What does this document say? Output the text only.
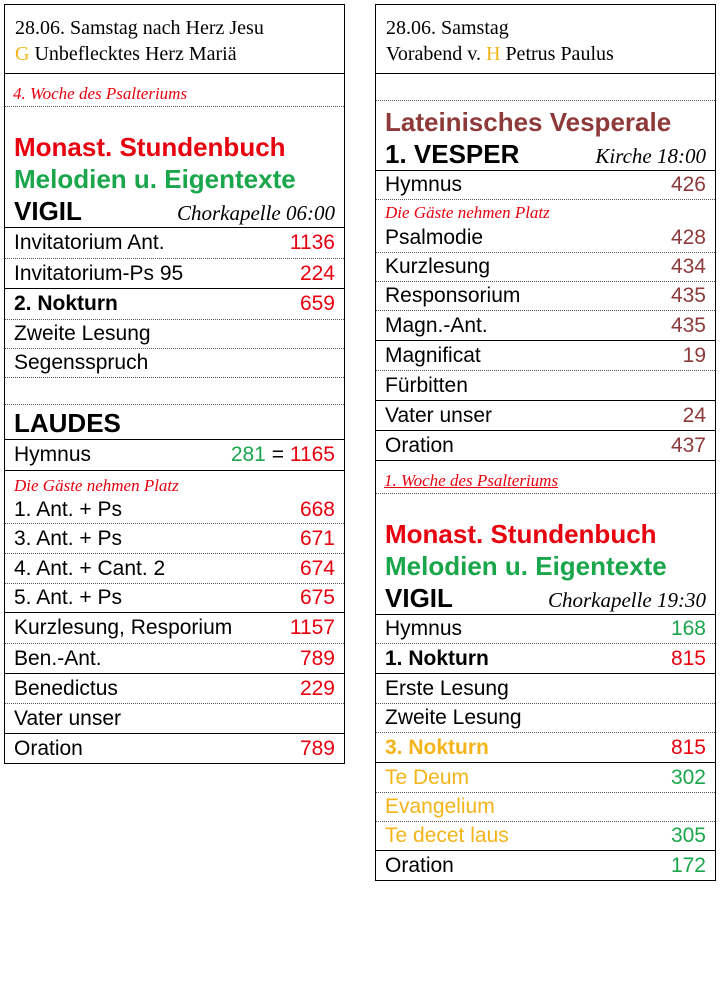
28.06. Samstag nach Herz Jesu
G Unbeflecktes Herz Mariä
4. Woche des Psalteriums
Monast. Stundenbuch
Melodien u. Eigentexte
VIGIL	Chorkapelle 06:00
Invitatorium Ant.	1136
Invitatorium-Ps 95	224
2. Nokturn	659
Zweite Lesung
Segensspruch
LAUDES
Hymnus	281 = 1165
Die Gäste nehmen Platz
1. Ant. + Ps	668
3. Ant. + Ps	671
4. Ant. + Cant. 2	674
5. Ant. + Ps	675
Kurzlesung, Resporium	1157
Ben.-Ant.	789
Benedictus	229
Vater unser
Oration	789
28.06. Samstag
Vorabend v. H Petrus Paulus
Lateinisches Vesperale
1. VESPER	Kirche 18:00
Hymnus	426
Die Gäste nehmen Platz
Psalmodie	428
Kurzlesung	434
Responsorium	435
Magn.-Ant.	435
Magnificat	19
Fürbitten
Vater unser	24
Oration	437
1. Woche des Psalteriums
Monast. Stundenbuch
Melodien u. Eigentexte
VIGIL	Chorkapelle 19:30
Hymnus	168
1. Nokturn	815
Erste Lesung
Zweite Lesung
3. Nokturn	815
Te Deum	302
Evangelium
Te decet laus	305
Oration	172
